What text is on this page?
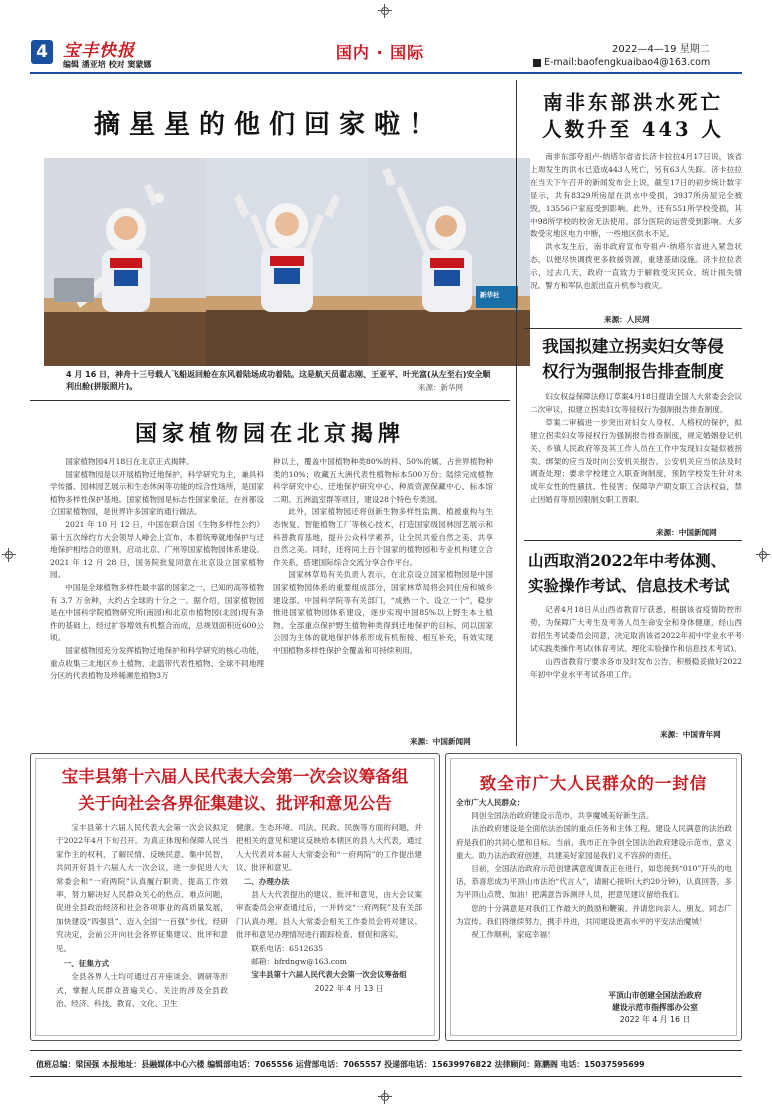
4 宝丰快报
编辑 潘亚培 校对 窦蒙娜
国内 · 国际	2022—4—19 星期二
E-mail:baofengkuaibao4@163.com
摘星星的他们回家啦！
新华社
4 月 16 日，神舟十三号载人飞船返回舱在东风着陆场成功着陆。这是航天员翟志刚、王亚平、叶光富(从左至右)安全顺利出舱(拼版照片)。	来源：新华网
国家植物园在北京揭牌

国家植物园4月18日在北京正式揭牌。

国家植物园是以开展植物迁地保护，科学研究为主，兼具科学传播、园林园艺展示和生态休闲等功能的综合性场所，是国家植物多样性保护基地。国家植物园是标志性国家象征，在首都设立国家植物园，是世界许多国家的通行做法。

2021 年 10 月 12 日，中国在联合国《生物多样性公约》第十五次缔约方大会领导人峰会上宣布，本着统筹就地保护与迁地保护相结合的原则，启动北京、广州等国家植物园体系建设。2021 年 12 月 28 日，国务院批复同意在北京设立国家植物园。

中国是全球植物多样性最丰富的国家之一，已知的高等植物有 3.7 万余种，大约占全球的十分之一。据介绍，国家植物园是在中国科学院植物研究所(南园)和北京市植物园(北园)现有条件的基础上，经过扩容增效有机整合而成，总规划面积近600公顷。

国家植物园充分发挥植物迁地保护和科学研究的核心功能，重点收集三北地区乡土植物、北温带代表性植物、全球不同地理分区的代表植物及珍稀濒危植物3万

种以上，覆盖中国植物种类80%的科、50%的属，占世界植物种类的10%；收藏五大洲代表性植物标本500万份；陆续完成植物科学研究中心、迁地保护研究中心、种质资源保藏中心、标本馆二期、五洲温室群等项目，建设28个特色专类园。

此外，国家植物园还将创新生物多样性监测、植被重构与生态恢复、智能植物工厂等核心技术，打造国家级园林园艺展示和科普教育基地，提升公众科学素养，让全民共爱自然之美、共享自然之美。同时，还将同上百个国家的植物园和专业机构建立合作关系，搭建国际综合交流分享合作平台。

国家林草局有关负责人表示，在北京设立国家植物园是中国国家植物园体系的重要组成部分，国家林草局将会同住房和城乡建设部、中国科学院等有关部门，“成熟一个、设立一个”，稳步推进国家植物园体系建设，逐步实现中国85%以上野生本土植物、全部重点保护野生植物种类得到迁地保护的目标，同以国家公园为主体的就地保护体系形成有机衔接、相互补充，有效实现中国植物多样性保护全覆盖和可持续利用。

来源：中国新闻网
南非东部洪水死亡
人数升至 443 人

南非东部夸祖卢-纳塔尔省省长济卡拉拉4月17日说，该省上周发生的洪水已造成443人死亡，另有63人失踪。济卡拉拉在当天下午召开的新闻发布会上说，截至17日的初步统计数字显示，共有8329所房屋在洪水中受损，3937所房屋完全被毁，13556户家庭受到影响。此外，还有551所学校受损，其中98所学校的校舍无法使用。部分医院的运营受到影响。大多数受灾地区电力中断，一些地区供水不足。

洪水发生后，南非政府宣布夸祖卢-纳塔尔省进入紧急状态，以便尽快调拨更多救援资源，重建基础设施。济卡拉拉表示，过去几天，政府一直致力于解救受灾民众、统计损失情况。警方和军队也派出直升机参与救灾。

来源：人民网
我国拟建立拐卖妇女等侵
权行为强制报告排查制度

妇女权益保障法修订草案4月18日提请全国人大常委会会议二次审议，拟建立拐卖妇女等侵权行为强制报告排查制度。

草案二审稿进一步突出对妇女人身权、人格权的保护，拟建立拐卖妇女等侵权行为强制报告排查制度，规定婚姻登记机关、乡镇人民政府等及其工作人员在工作中发现妇女疑似被拐卖、绑架的应当及时向公安机关报告。公安机关应当依法及时调查处理；要求学校建立入职查询制度，预防学校发生针对未成年女性的性骚扰、性侵害；保障孕产期女职工合法权益，禁止因婚育等原因限制女职工晋职。

来源：中国新闻网
山西取消2022年中考体测、
实验操作考试、信息技术考试

记者4月18日从山西省教育厅获悉，根据该省疫情防控形势，为保障广大考生及考务人员生命安全和身体健康，经山西省招生考试委员会同意，决定取消该省2022年初中学业水平考试实践类操作考试(体育考试、理化实验操作和信息技术考试)。

山西省教育厅要求各市及时发布公告，积极稳妥做好2022年初中学业水平考试各项工作。

来源：中国青年网
宝丰县第十六届人民代表大会第一次会议筹备组
关于向社会各界征集建议、批评和意见公告

宝丰县第十六届人民代表大会第一次会议拟定于2022年4月下旬召开。为真正体现和保障人民当家作主的权利，了解民情、反映民意、集中民智，共同开好县十六届人大一次会议，进一步促进人大常委会和“一府两院”认真履行职责、提高工作效率，努力解决好人民群众关心的热点、难点问题，促进全县政治经济和社会各项事业的高质量发展，加快建设“四强县”、迈入全国“一百强”步伐，经研究决定，会前公开向社会各界征集建议、批评和意见。

一、征集方式

全县各界人士均可通过召开座谈会、调研等形式，掌握人民群众普遍关心、关注的涉及全县政治、经济、科技、教育、文化、卫生

健康、生态环境、司法、民政、民族等方面的问题，并把相关的意见和建议反映给本辖区的县人大代表，通过人大代表对本届人大常委会和“一府两院”的工作提出建议、批评和意见。

二、办理办法

县人大代表提出的建议、批评和意见，由大会议案审查委员会审查通过后，一并转交“一府两院”及有关部门认真办理。县人大常委会相关工作委员会将对建议、批评和意见办理情况进行跟踪检查、督促和落实。

联系电话：6512635
邮箱：bfrdngw@163.com
宝丰县第十六届人民代表大会第一次会议筹备组
2022 年 4 月 13 日
致全市广大人民群众的一封信
全市广大人民群众：

同创全国法治政府建设示范市，共享魔城美好新生活。

法治政府建设是全面依法治国的重点任务和主体工程。建设人民满意的法治政府是我们的共同心愿和目标。当前，我市正在争创全国法治政府建设示范市，意义重大。助力法治政府创建，共建美好家园是我们义不容辞的责任。

目前，全国法治政府示范创建满意度调查正在进行，如您接到“010”开头的电话，恭喜您成为平顶山市法治“代言人”，请耐心接听(大约20分钟)，认真回答，多为平顶山点赞、加油！把满意告诉测评人员，把意见建议留给我们。

您的十分满意是对我们工作最大的鼓励和鞭策。并请您向亲人、朋友、同志广为宣传。我们将继续努力，携手并进，共同建设更高水平的平安法治魔城！

祝工作顺利，家庭幸福！

平顶山市创建全国法治政府
建设示范市指挥部办公室
2022 年 4 月 16 日
值班总编：梁国强 本报地址：县融媒体中心六楼 编辑部电话：7065556 运营部电话：7065557 投递部电话：15639976822 法律顾问：陈鹏阁 电话：15037595699
